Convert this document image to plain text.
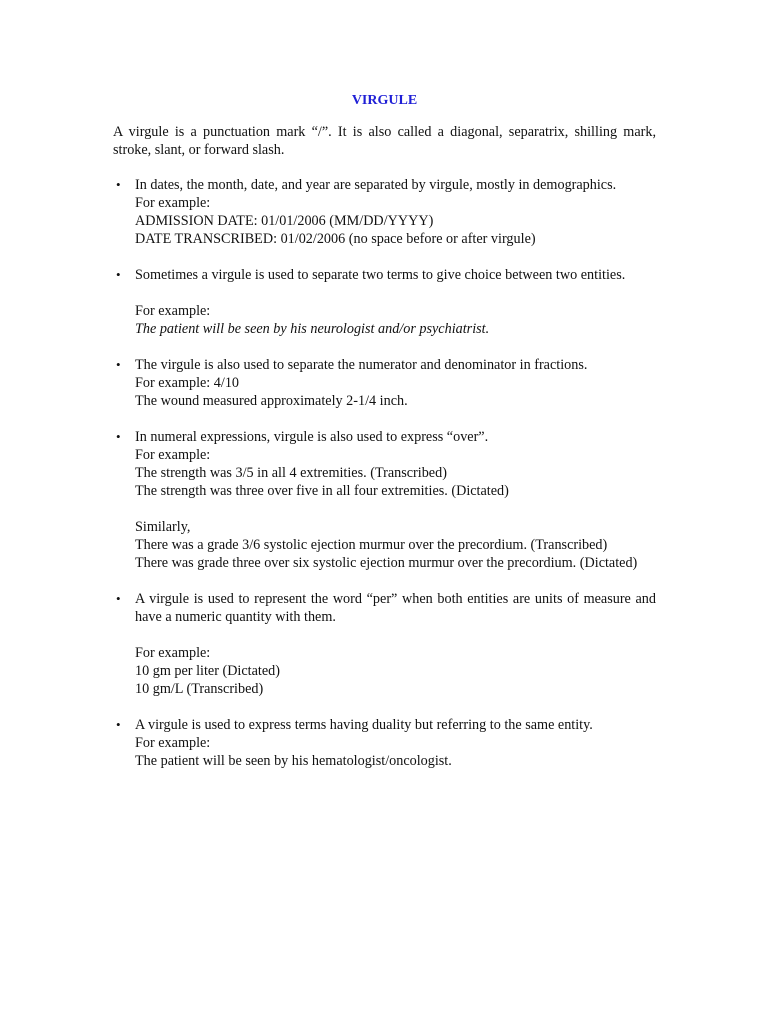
VIRGULE
A virgule is a punctuation mark “/”. It is also called a diagonal, separatrix, shilling mark, stroke, slant, or forward slash.
• In dates, the month, date, and year are separated by virgule, mostly in demographics.
For example:
ADMISSION DATE: 01/01/2006 (MM/DD/YYYY)
DATE TRANSCRIBED: 01/02/2006 (no space before or after virgule)
• Sometimes a virgule is used to separate two terms to give choice between two entities.
For example:
The patient will be seen by his neurologist and/or psychiatrist.
• The virgule is also used to separate the numerator and denominator in fractions.
For example: 4/10
The wound measured approximately 2-1/4 inch.
• In numeral expressions, virgule is also used to express “over”.
For example:
The strength was 3/5 in all 4 extremities. (Transcribed)
The strength was three over five in all four extremities. (Dictated)
Similarly,
There was a grade 3/6 systolic ejection murmur over the precordium. (Transcribed)
There was grade three over six systolic ejection murmur over the precordium. (Dictated)
• A virgule is used to represent the word “per” when both entities are units of measure and have a numeric quantity with them.
For example:
10 gm per liter (Dictated)
10 gm/L (Transcribed)
• A virgule is used to express terms having duality but referring to the same entity.
For example:
The patient will be seen by his hematologist/oncologist.
